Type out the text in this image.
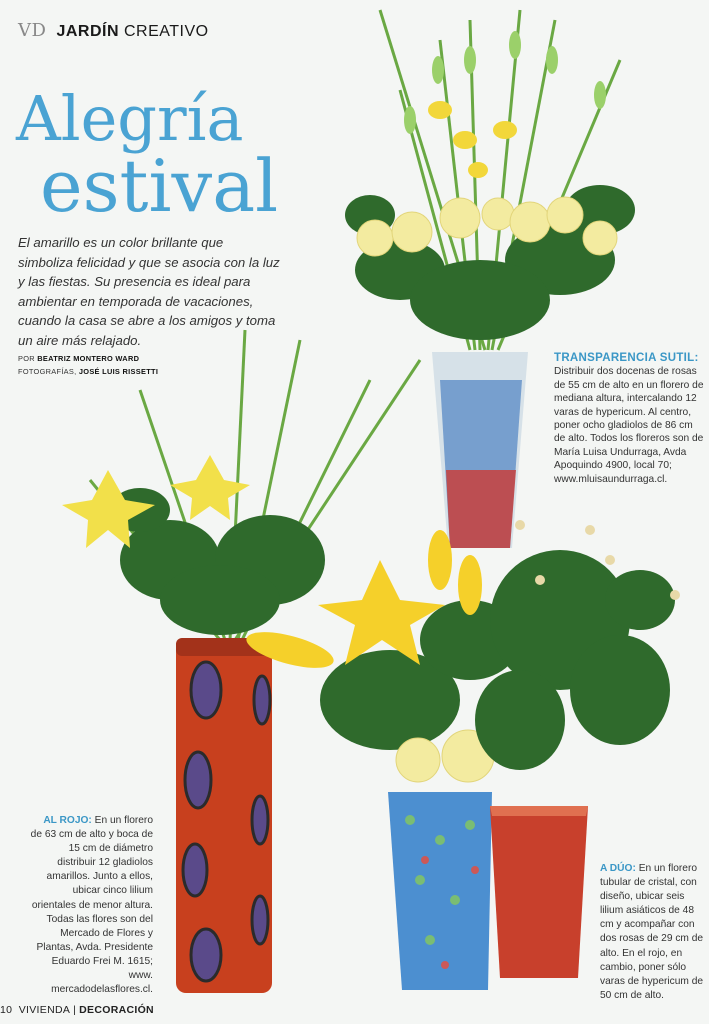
VD JARDÍN CREATIVO
Alegría
estival
El amarillo es un color brillante que simboliza felicidad y que se asocia con la luz y las fiestas. Su presencia es ideal para ambientar en temporada de vacaciones, cuando la casa se abre a los amigos y toma un aire más relajado.
POR BEATRIZ MONTERO WARD
FOTOGRAFÍAS, JOSÉ LUIS RISSETTI
TRANSPARENCIA SUTIL:
Distribuir dos docenas de rosas de 55 cm de alto en un florero de mediana altura, intercalando 12 varas de hypericum. Al centro, poner ocho gladiolos de 86 cm de alto. Todos los floreros son de María Luisa Undurraga, Avda Apoquindo 4900, local 70; www.mluisaundurraga.cl.
AL ROJO: En un florero de 63 cm de alto y boca de 15 cm de diámetro distribuir 12 gladiolos amarillos. Junto a ellos, ubicar cinco lilium orientales de menor altura. Todas las flores son del Mercado de Flores y Plantas, Avda. Presidente Eduardo Frei M. 1615; www. mercadodelasflores.cl.
A DÚO: En un florero tubular de cristal, con diseño, ubicar seis lilium asiáticos de 48 cm y acompañar con dos rosas de 29 cm de alto. En el rojo, en cambio, poner sólo varas de hypericum de 50 cm de alto.
10 VIVIENDA | DECORACIÓN
